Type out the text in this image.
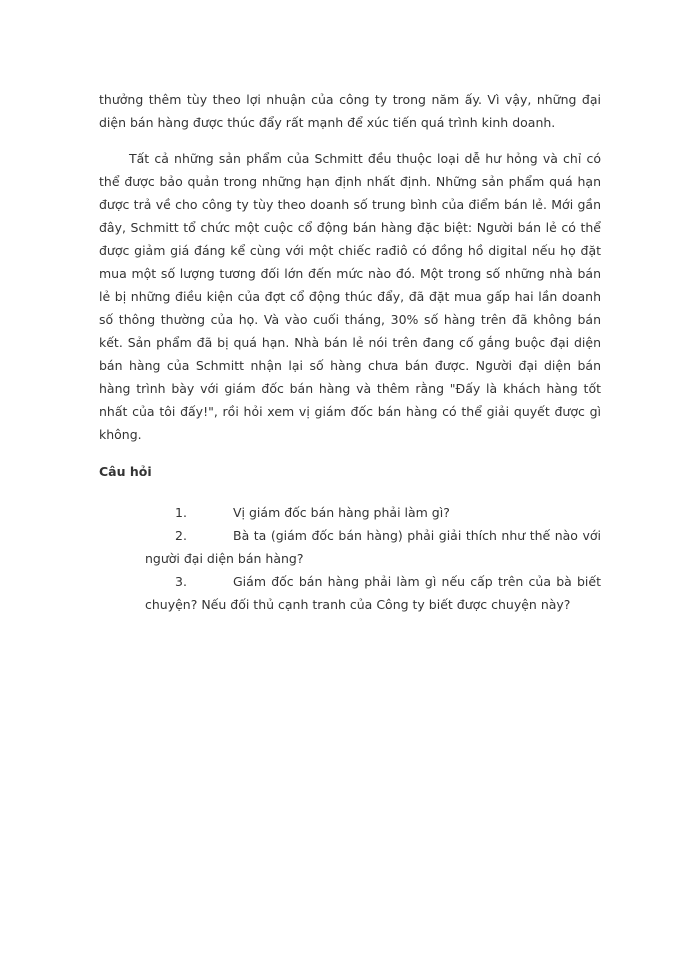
thưởng thêm tùy theo lợi nhuận của công ty trong năm ấy. Vì vậy, những đại diện bán hàng được thúc đẩy rất mạnh để xúc tiến quá trình kinh doanh.

Tất cả những sản phẩm của Schmitt đều thuộc loại dễ hư hỏng và chỉ có thể được bảo quản trong những hạn định nhất định. Những sản phẩm quá hạn được trả về cho công ty tùy theo doanh số trung bình của điểm bán lẻ. Mới gần đây, Schmitt tổ chức một cuộc cổ động bán hàng đặc biệt: Người bán lẻ có thể được giảm giá đáng kể cùng với một chiếc rađiô có đồng hồ digital nếu họ đặt mua một số lượng tương đối lớn đến mức nào đó. Một trong số những nhà bán lẻ bị những điều kiện của đợt cổ động thúc đẩy, đã đặt mua gấp hai lần doanh số thông thường của họ. Và vào cuối tháng, 30% số hàng trên đã không bán kết. Sản phẩm đã bị quá hạn. Nhà bán lẻ nói trên đang cố gắng buộc đại diện bán hàng của Schmitt nhận lại số hàng chưa bán được. Người đại diện bán hàng trình bày với giám đốc bán hàng và thêm rằng "Đấy là khách hàng tốt nhất của tôi đấy!", rồi hỏi xem vị giám đốc bán hàng có thể giải quyết được gì không.

Câu hỏi

1.	Vị giám đốc bán hàng phải làm gì?

2.	Bà ta (giám đốc bán hàng) phải giải thích như thế nào với người đại diện bán hàng?

3.	Giám đốc bán hàng phải làm gì nếu cấp trên của bà biết chuyện? Nếu đối thủ cạnh tranh của Công ty biết được chuyện này?
